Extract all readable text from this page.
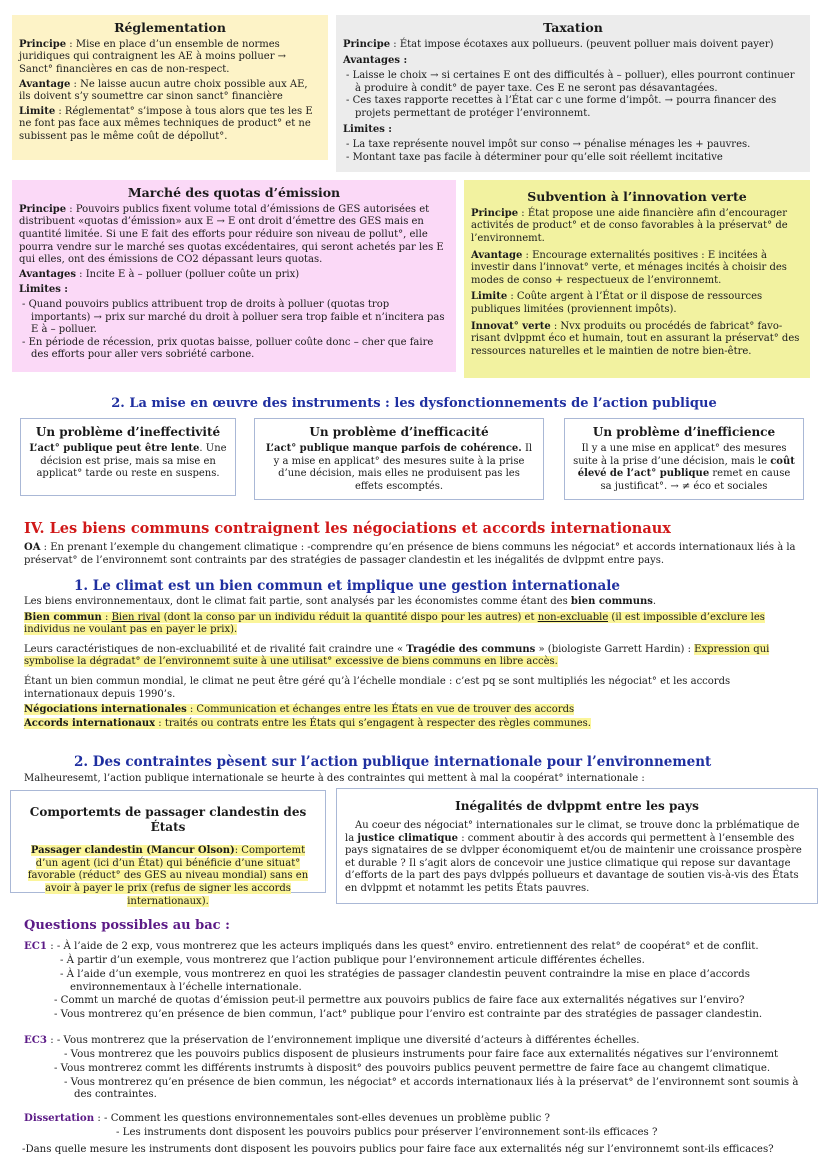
Réglementation

Principe : Mise en place d’un ensemble de normes juridiques qui contraignent les AE à moins polluer → Sanct° financières en cas de non-respect.

Avantage : Ne laisse aucun autre choix possible aux AE, ils doivent s’y soumettre car sinon sanct° financière

Limite : Réglementat° s’impose à tous alors que tes les E ne font pas face aux mêmes techniques de product° et ne subissent pas le même coût de dépollut°.

Taxation

Principe : État impose écotaxes aux pollueurs. (peuvent polluer mais doivent payer)

Avantages :

- Laisse le choix → si certaines E ont des difficultés à – polluer), elles pourront continuer à produire à condit° de payer taxe. Ces E ne seront pas désavantagées.
- Ces taxes rapporte recettes à l’État car c une forme d’impôt. → pourra financer des projets permettant de protéger l’environnemt.

Limites :

- La taxe représente nouvel impôt sur conso → pénalise ménages les + pauvres.
- Montant taxe pas facile à déterminer pour qu’elle soit réellemt incitative
Marché des quotas d’émission

Principe : Pouvoirs publics fixent volume total d’émissions de GES autorisées et distribuent «quotas d’émission» aux E → E ont droit d’émettre des GES mais en quantité limitée. Si une E fait des efforts pour réduire son niveau de pollut°, elle pourra vendre sur le marché ses quotas excédentaires, qui seront achetés par les E qui elles, ont des émissions de CO2 dépassant leurs quotas.

Avantages : Incite E à – polluer (polluer coûte un prix)

Limites :

- Quand pouvoirs publics attribuent trop de droits à polluer (quotas trop importants) → prix sur marché du droit à polluer sera trop faible et n’incitera pas E à – polluer.
- En période de récession, prix quotas baisse, polluer coûte donc – cher que faire des efforts pour aller vers sobriété carbone.
Subvention à l’innovation verte

Principe : État propose une aide financière afin d’encourager activités de product° et de conso favorables à la préservat° de l’environnemt.

Avantage : Encourage externalités positives : E incitées à investir dans l’innovat° verte, et ménages incités à choisir des modes de conso + respectueux de l’environnemt.

Limite : Coûte argent à l’État or il dispose de ressources publiques limitées (proviennent impôts).

Innovat° verte : Nvx produits ou procédés de fabricat° favo-risant dvlppmt éco et humain, tout en assurant la préservat° des ressources naturelles et le maintien de notre bien-être.

2. La mise en œuvre des instruments : les dysfonctionnements de l’action publique
Un problème d’ineffectivité

L’act° publique peut être lente. Une décision est prise, mais sa mise en applicat° tarde ou reste en suspens.

Un problème d’inefficacité

L’act° publique manque parfois de cohérence. Il y a mise en applicat° des mesures suite à la prise d’une décision, mais elles ne produisent pas les effets escomptés.

Un problème d’inefficience

Il y a une mise en applicat° des mesures suite à la prise d’une décision, mais le coût élevé de l’act° publique remet en cause sa justificat°. → ≠ éco et sociales

IV. Les biens communs contraignent les négociations et accords internationaux

OA : En prenant l’exemple du changement climatique : -comprendre qu’en présence de biens communs les négociat° et accords internationaux liés à la préservat° de l’environnemt sont contraints par des stratégies de passager clandestin et les inégalités de dvlppmt entre pays.

1. Le climat est un bien commun et implique une gestion internationale

Les biens environnementaux, dont le climat fait partie, sont analysés par les économistes comme étant des bien communs.

Bien commun : Bien rival (dont la conso par un individu réduit la quantité dispo pour les autres) et non-excluable (il est impossible d’exclure les individus ne voulant pas en payer le prix).

Leurs caractéristiques de non-excluabilité et de rivalité fait craindre une « Tragédie des communs » (biologiste Garrett Hardin) : Expression qui symbolise la dégradat° de l’environnemt suite à une utilisat° excessive de biens communs en libre accès.

Étant un bien commun mondial, le climat ne peut être géré qu’à l’échelle mondiale : c’est pq se sont multipliés les négociat° et les accords internationaux depuis 1990’s.

Négociations internationales : Communication et échanges entre les États en vue de trouver des accords

Accords internationaux : traités ou contrats entre les États qui s’engagent à respecter des règles communes.

2. Des contraintes pèsent sur l’action publique internationale pour l’environnement
Malheuresemt, l’action publique internationale se heurte à des contraintes qui mettent à mal la coopérat° internationale :
Comportemts de passager clandestin des États

Passager clandestin (Mancur Olson): Comportemt d’un agent (ici d’un État) qui bénéficie d’une situat° favorable (réduct° des GES au niveau mondial) sans en avoir à payer le prix (refus de signer les accords internationaux).

Inégalités de dvlppmt entre les pays

Au coeur des négociat° internationales sur le climat, se trouve donc la prblématique de la justice climatique : comment aboutir à des accords qui permettent à l’ensemble des pays signataires de se dvlpper économiquemt et/ou de maintenir une croissance prospère et durable ? Il s’agit alors de concevoir une justice climatique qui repose sur davantage d’efforts de la part des pays dvlppés pollueurs et davantage de soutien vis-à-vis des États en dvlppmt et notammt les petits États pauvres.

Questions possibles au bac :

EC1 : - À l’aide de 2 exp, vous montrerez que les acteurs impliqués dans les quest° enviro. entretiennent des relat° de coopérat° et de conflit.

- À partir d’un exemple, vous montrerez que l’action publique pour l’environnement articule différentes échelles.

- À l’aide d’un exemple, vous montrerez en quoi les stratégies de passager clandestin peuvent contraindre la mise en place d’accords environnementaux à l’échelle internationale.

- Commt un marché de quotas d’émission peut-il permettre aux pouvoirs publics de faire face aux externalités négatives sur l’enviro?

- Vous montrerez qu’en présence de bien commun, l’act° publique pour l’enviro est contrainte par des stratégies de passager clandestin.

EC3 : - Vous montrerez que la préservation de l’environnement implique une diversité d’acteurs à différentes échelles.

- Vous montrerez que les pouvoirs publics disposent de plusieurs instruments pour faire face aux externalités négatives sur l’environnemt

- Vous montrerez commt les différents instrumts à disposit° des pouvoirs publics peuvent permettre de faire face au changemt climatique.

- Vous montrerez qu’en présence de bien commun, les négociat° et accords internationaux liés à la préservat° de l’environnemt sont soumis à des contraintes.

Dissertation : - Comment les questions environnementales sont-elles devenues un problème public ?

- Les instruments dont disposent les pouvoirs publics pour préserver l’environnement sont-ils efficaces ?

-Dans quelle mesure les instruments dont disposent les pouvoirs publics pour faire face aux externalités nég sur l’environnemt sont-ils efficaces?
